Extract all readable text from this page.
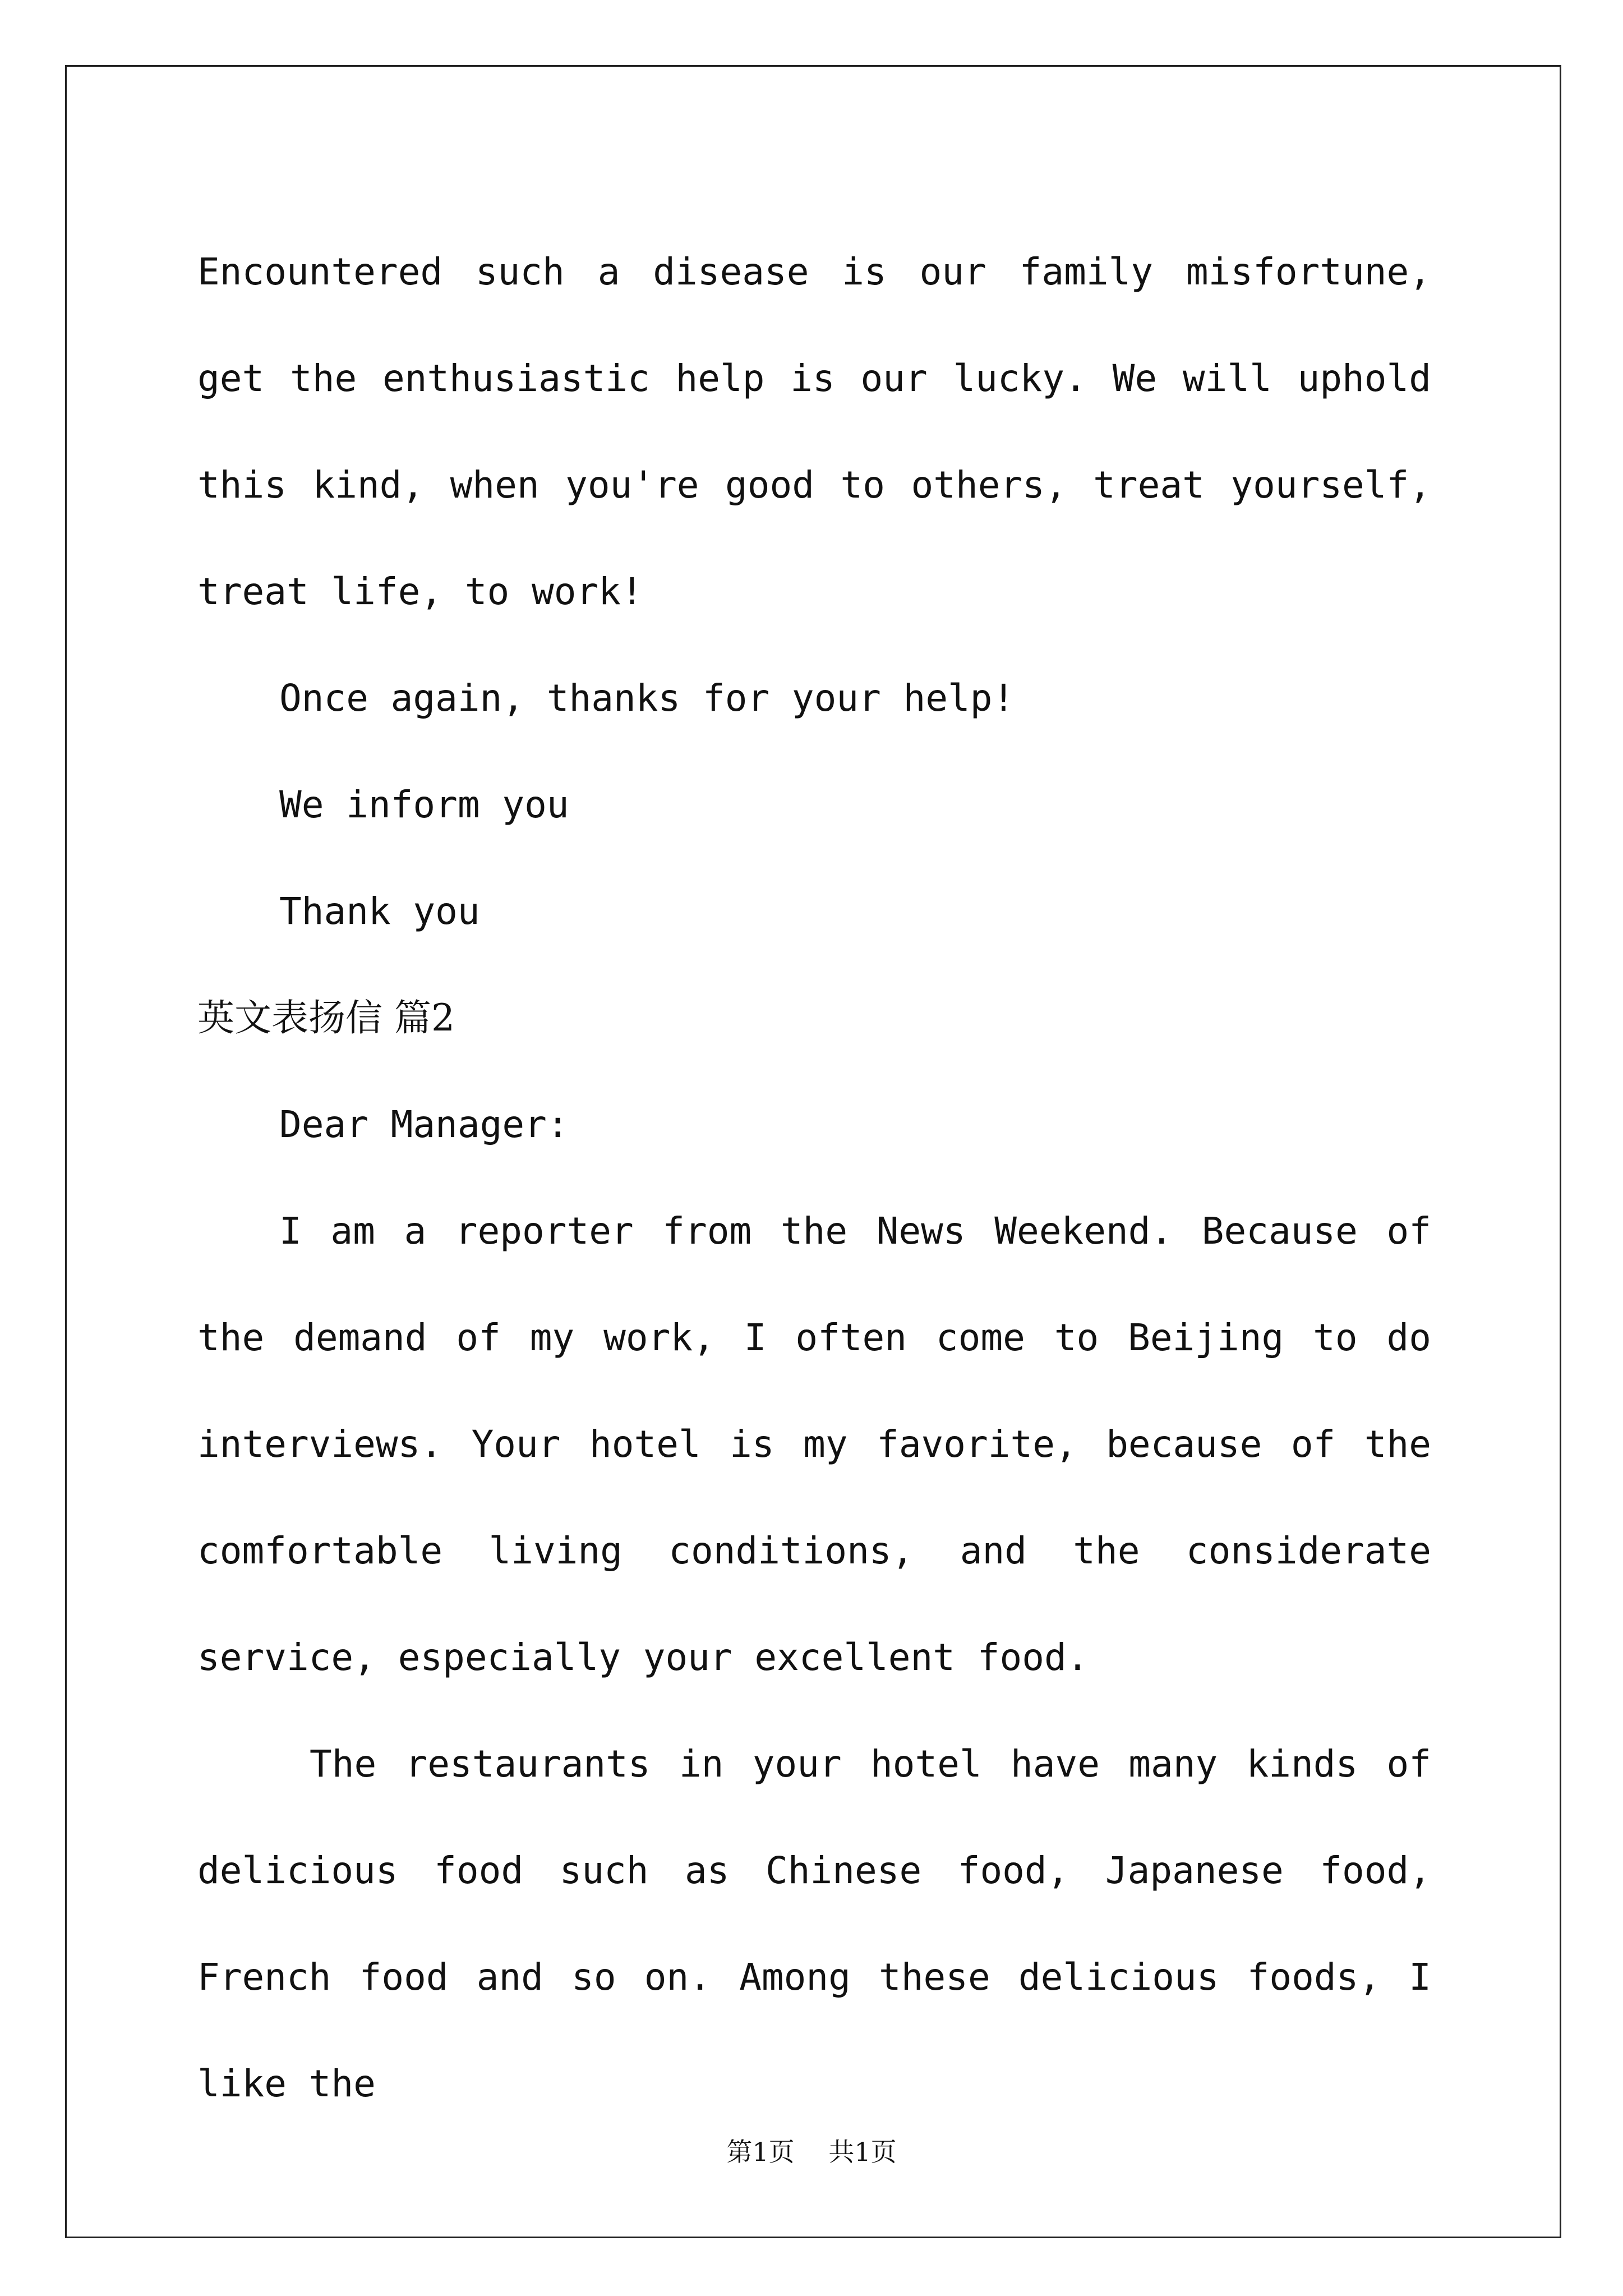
Encountered such a disease is our family misfortune, get the enthusiastic help is our lucky. We will uphold this kind, when you're good to others, treat yourself, treat life, to work!

Once again, thanks for your help!

We inform you

Thank you

英文表扬信 篇2

Dear Manager:

I am a reporter from the News Weekend. Because of the demand of my work, I often come to Beijing to do interviews. Your hotel is my favorite, because of the comfortable living conditions, and the considerate service, especially your excellent food.

The restaurants in your hotel have many kinds of delicious food such as Chinese food, Japanese food, French food and so on. Among these delicious foods, I like the

第1页 共1页
